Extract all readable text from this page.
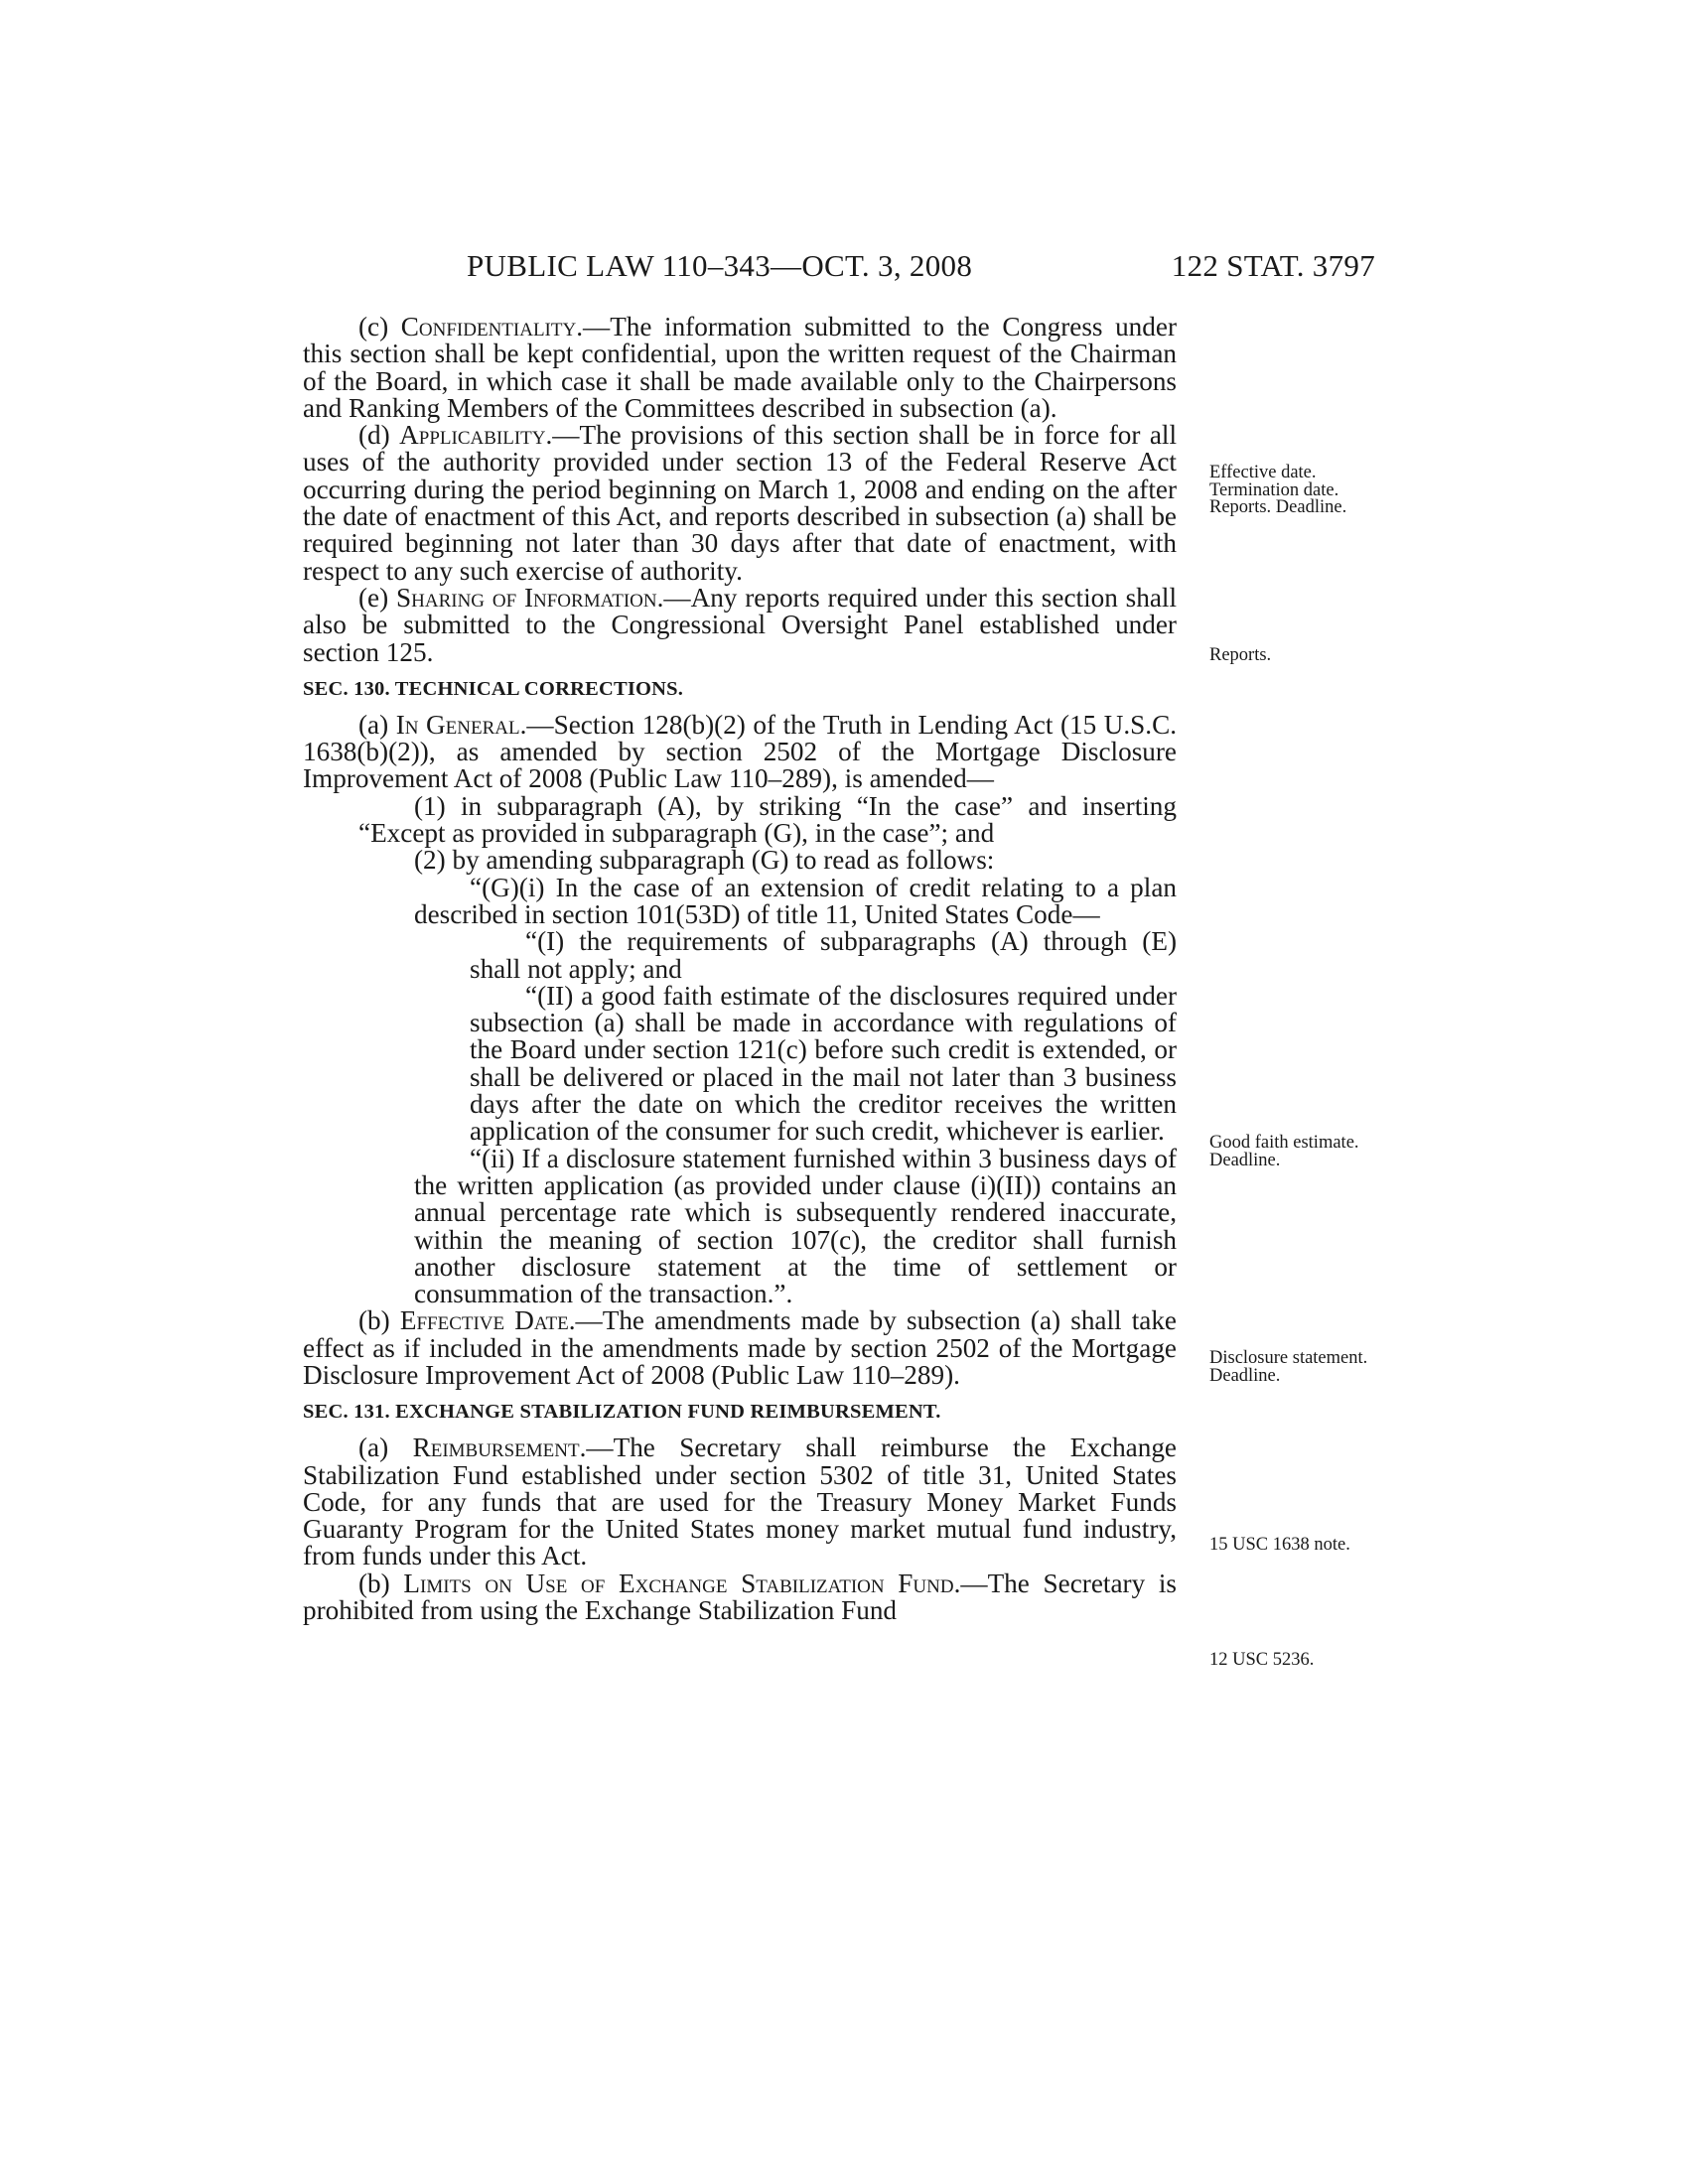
PUBLIC LAW 110–343—OCT. 3, 2008	122 STAT. 3797

(c) Confidentiality.—The information submitted to the Congress under this section shall be kept confidential, upon the written request of the Chairman of the Board, in which case it shall be made available only to the Chairpersons and Ranking Members of the Committees described in subsection (a).

(d) Applicability.—The provisions of this section shall be in force for all uses of the authority provided under section 13 of the Federal Reserve Act occurring during the period beginning on March 1, 2008 and ending on the after the date of enactment of this Act, and reports described in subsection (a) shall be required beginning not later than 30 days after that date of enactment, with respect to any such exercise of authority.

(e) Sharing of Information.—Any reports required under this section shall also be submitted to the Congressional Oversight Panel established under section 125.

SEC. 130. TECHNICAL CORRECTIONS.

(a) In General.—Section 128(b)(2) of the Truth in Lending Act (15 U.S.C. 1638(b)(2)), as amended by section 2502 of the Mortgage Disclosure Improvement Act of 2008 (Public Law 110–289), is amended—

(1) in subparagraph (A), by striking “In the case” and inserting “Except as provided in subparagraph (G), in the case”; and

(2) by amending subparagraph (G) to read as follows:

“(G)(i) In the case of an extension of credit relating to a plan described in section 101(53D) of title 11, United States Code—

“(I) the requirements of subparagraphs (A) through (E) shall not apply; and

“(II) a good faith estimate of the disclosures required under subsection (a) shall be made in accordance with regulations of the Board under section 121(c) before such credit is extended, or shall be delivered or placed in the mail not later than 3 business days after the date on which the creditor receives the written application of the consumer for such credit, whichever is earlier.

“(ii) If a disclosure statement furnished within 3 business days of the written application (as provided under clause (i)(II)) contains an annual percentage rate which is subsequently rendered inaccurate, within the meaning of section 107(c), the creditor shall furnish another disclosure statement at the time of settlement or consummation of the transaction.”.

(b) Effective Date.—The amendments made by subsection (a) shall take effect as if included in the amendments made by section 2502 of the Mortgage Disclosure Improvement Act of 2008 (Public Law 110–289).

SEC. 131. EXCHANGE STABILIZATION FUND REIMBURSEMENT.

(a) Reimbursement.—The Secretary shall reimburse the Exchange Stabilization Fund established under section 5302 of title 31, United States Code, for any funds that are used for the Treasury Money Market Funds Guaranty Program for the United States money market mutual fund industry, from funds under this Act.

(b) Limits on Use of Exchange Stabilization Fund.—The Secretary is prohibited from using the Exchange Stabilization Fund

Effective date. Termination date. Reports. Deadline.
Reports.
Good faith estimate. Deadline.
Disclosure statement. Deadline.
15 USC 1638 note.
12 USC 5236.
